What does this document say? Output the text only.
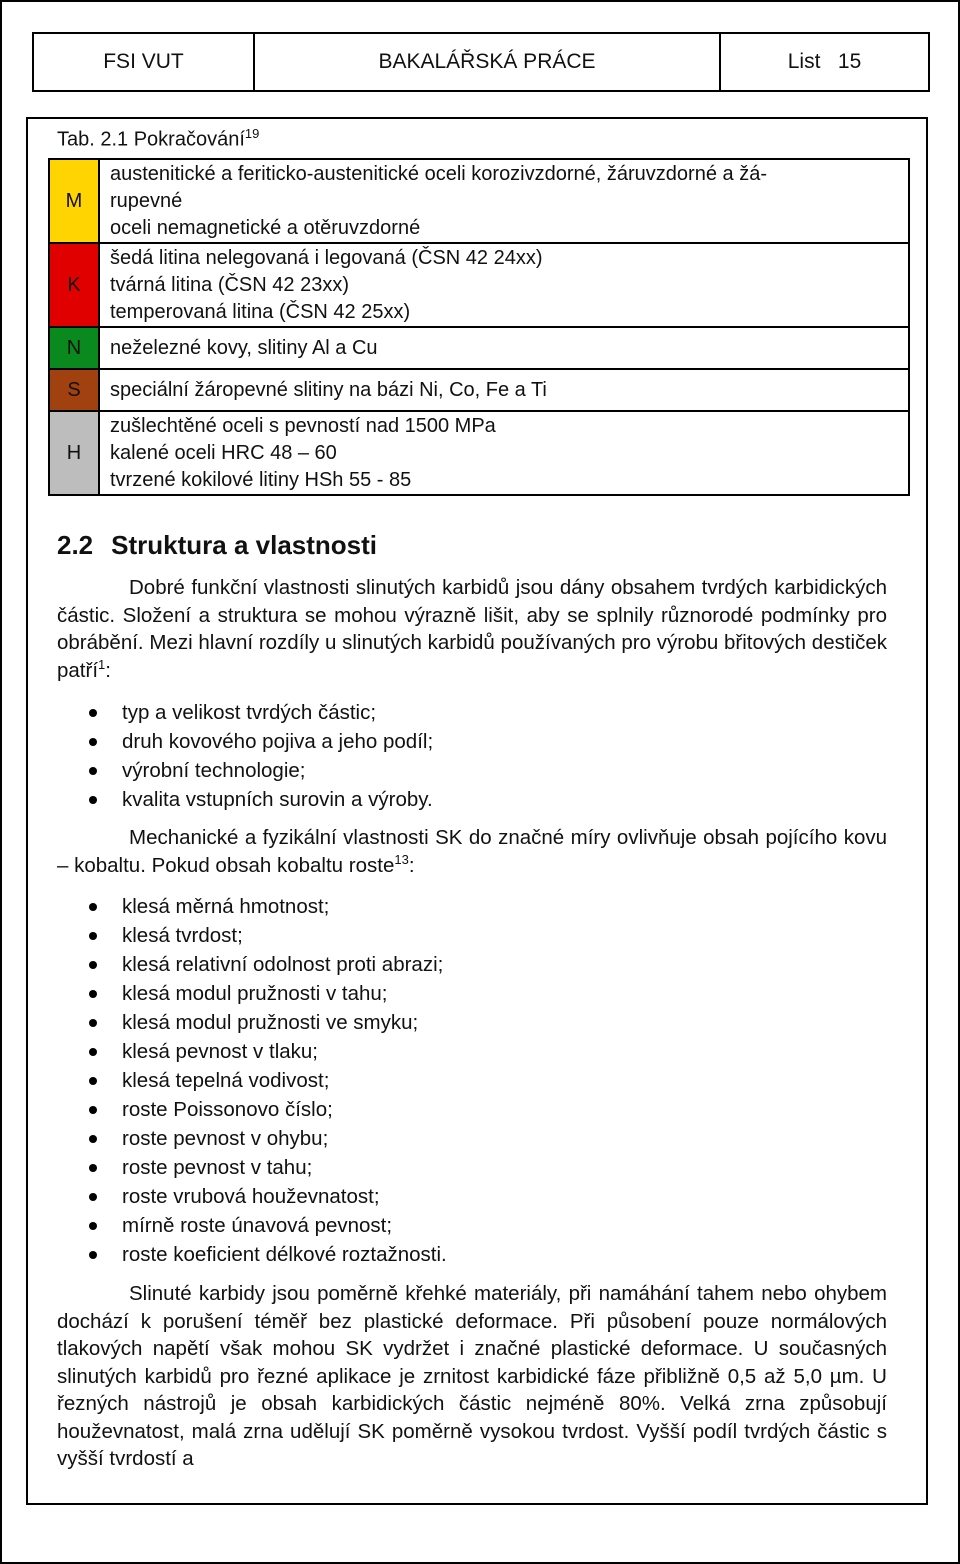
FSI VUT	BAKALÁŘSKÁ PRÁCE	List   15
Tab. 2.1 Pokračování$^{19}$
M	austenitické a feriticko-austenitické oceli korozivzdorné, žáruvzdorné a žá-
rupevné
oceli nemagnetické a otěruvzdorné

K	šedá litina nelegovaná i legovaná (ČSN 42 24xx)
tvárná litina (ČSN 42 23xx)
temperovaná litina (ČSN 42 25xx)

N	neželezné kovy, slitiny Al a Cu

S	speciální žáropevné slitiny na bázi Ni, Co, Fe a Ti

H	zušlechtěné oceli s pevností nad 1500 MPa
kalené oceli HRC 48 – 60
tvrzené kokilové litiny HSh 55 - 85
2.2 Struktura a vlastnosti
Dobré funkční vlastnosti slinutých karbidů jsou dány obsahem tvrdých karbidických částic. Složení a struktura se mohou výrazně lišit, aby se splnily různorodé podmínky pro obrábění. Mezi hlavní rozdíly u slinutých karbidů používaných pro výrobu břitových destiček patří$^1$:
typ a velikost tvrdých částic;
druh kovového pojiva a jeho podíl;
výrobní technologie;
kvalita vstupních surovin a výroby.
Mechanické a fyzikální vlastnosti SK do značné míry ovlivňuje obsah pojícího kovu – kobaltu. Pokud obsah kobaltu roste$^{13}$:
klesá měrná hmotnost;
klesá tvrdost;
klesá relativní odolnost proti abrazi;
klesá modul pružnosti v tahu;
klesá modul pružnosti ve smyku;
klesá pevnost v tlaku;
klesá tepelná vodivost;
roste Poissonovo číslo;
roste pevnost v ohybu;
roste pevnost v tahu;
roste vrubová houževnatost;
mírně roste únavová pevnost;
roste koeficient délkové roztažnosti.
Slinuté karbidy jsou poměrně křehké materiály, při namáhání tahem nebo ohybem dochází k porušení téměř bez plastické deformace. Při působení pouze normálových tlakových napětí však mohou SK vydržet i značné plastické deformace. U současných slinutých karbidů pro řezné aplikace je zrnitost karbidické fáze přibližně 0,5 až 5,0 µm. U řezných nástrojů je obsah karbidických částic nejméně 80%. Velká zrna způsobují houževnatost, malá zrna udělují SK poměrně vysokou tvrdost. Vyšší podíl tvrdých částic s vyšší tvrdostí a
